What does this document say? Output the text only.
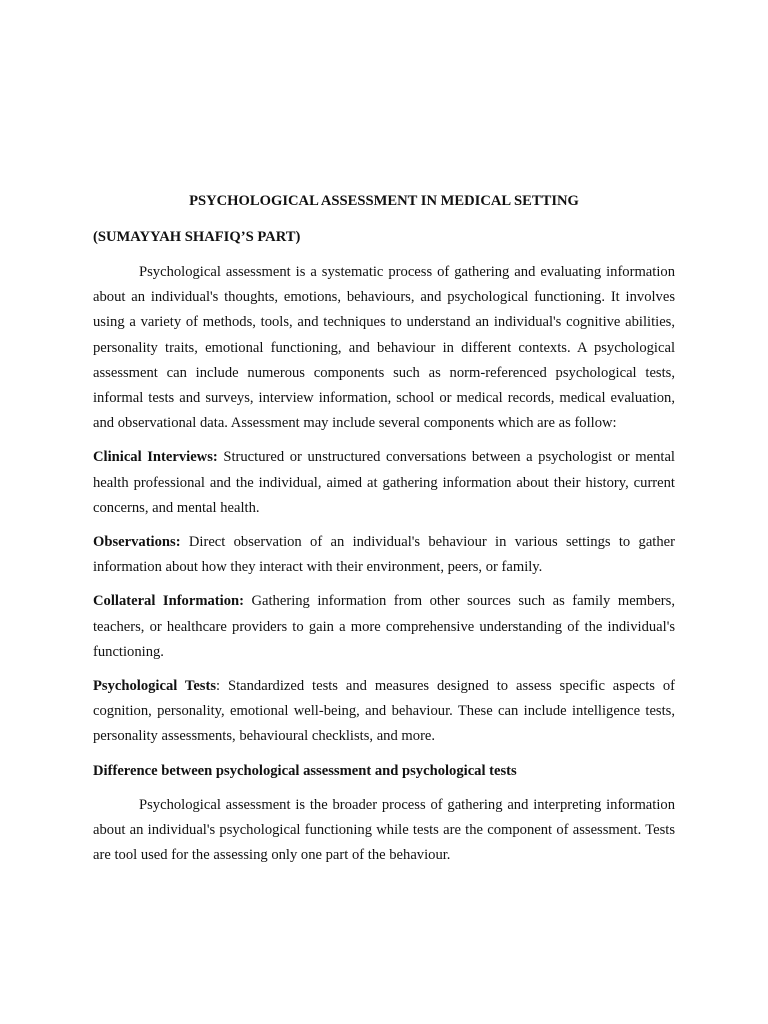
PSYCHOLOGICAL ASSESSMENT IN MEDICAL SETTING
(SUMAYYAH SHAFIQ’S PART)

Psychological assessment is a systematic process of gathering and evaluating information about an individual's thoughts, emotions, behaviours, and psychological functioning. It involves using a variety of methods, tools, and techniques to understand an individual's cognitive abilities, personality traits, emotional functioning, and behaviour in different contexts. A psychological assessment can include numerous components such as norm-referenced psychological tests, informal tests and surveys, interview information, school or medical records, medical evaluation, and observational data. Assessment may include several components which are as follow:

Clinical Interviews: Structured or unstructured conversations between a psychologist or mental health professional and the individual, aimed at gathering information about their history, current concerns, and mental health.

Observations: Direct observation of an individual's behaviour in various settings to gather information about how they interact with their environment, peers, or family.

Collateral Information: Gathering information from other sources such as family members, teachers, or healthcare providers to gain a more comprehensive understanding of the individual's functioning.

Psychological Tests: Standardized tests and measures designed to assess specific aspects of cognition, personality, emotional well-being, and behaviour. These can include intelligence tests, personality assessments, behavioural checklists, and more.

Difference between psychological assessment and psychological tests

Psychological assessment is the broader process of gathering and interpreting information about an individual's psychological functioning while tests are the component of assessment. Tests are tool used for the assessing only one part of the behaviour.
